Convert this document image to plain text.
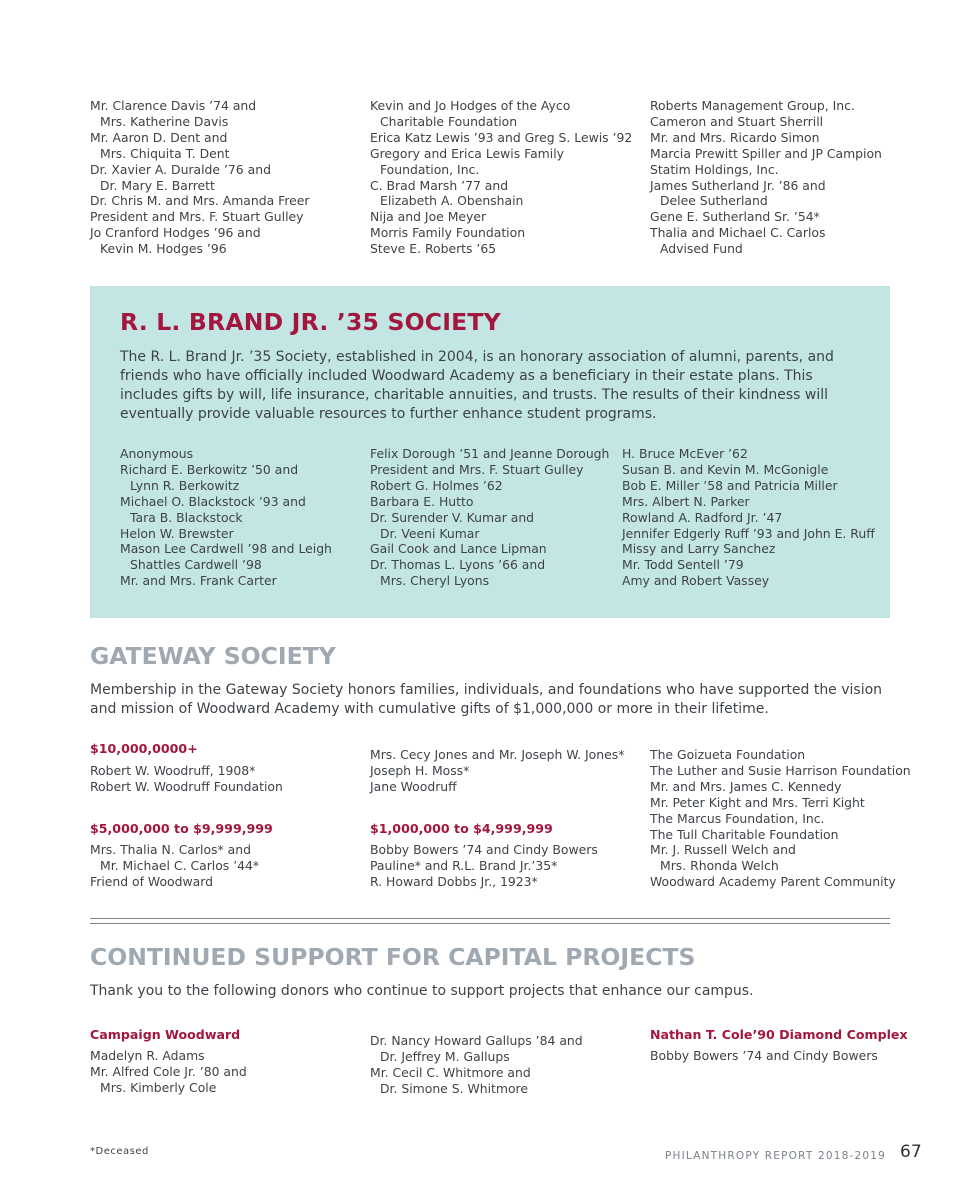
Mr. Clarence Davis ’74 and
Mrs. Katherine Davis
Mr. Aaron D. Dent and
Mrs. Chiquita T. Dent
Dr. Xavier A. Duralde ’76 and
Dr. Mary E. Barrett
Dr. Chris M. and Mrs. Amanda Freer
President and Mrs. F. Stuart Gulley
Jo Cranford Hodges ’96 and
Kevin M. Hodges ’96
Kevin and Jo Hodges of the Ayco
Charitable Foundation
Erica Katz Lewis ’93 and Greg S. Lewis ’92
Gregory and Erica Lewis Family
Foundation, Inc.
C. Brad Marsh ’77 and
Elizabeth A. Obenshain
Nija and Joe Meyer
Morris Family Foundation
Steve E. Roberts ’65
Roberts Management Group, Inc.
Cameron and Stuart Sherrill
Mr. and Mrs. Ricardo Simon
Marcia Prewitt Spiller and JP Campion
Statim Holdings, Inc.
James Sutherland Jr. ’86 and
Delee Sutherland
Gene E. Sutherland Sr. ’54*
Thalia and Michael C. Carlos
Advised Fund
R. L. BRAND JR. ’35 SOCIETY

The R. L. Brand Jr. ’35 Society, established in 2004, is an honorary association of alumni, parents, and friends who have officially included Woodward Academy as a beneficiary in their estate plans. This includes gifts by will, life insurance, charitable annuities, and trusts. The results of their kindness will eventually provide valuable resources to further enhance student programs.

Anonymous
Richard E. Berkowitz ’50 and
Lynn R. Berkowitz
Michael O. Blackstock ’93 and
Tara B. Blackstock
Helon W. Brewster
Mason Lee Cardwell ’98 and Leigh
Shattles Cardwell ’98
Mr. and Mrs. Frank Carter
Felix Dorough ’51 and Jeanne Dorough
President and Mrs. F. Stuart Gulley
Robert G. Holmes ’62
Barbara E. Hutto
Dr. Surender V. Kumar and
Dr. Veeni Kumar
Gail Cook and Lance Lipman
Dr. Thomas L. Lyons ’66 and
Mrs. Cheryl Lyons
H. Bruce McEver ’62
Susan B. and Kevin M. McGonigle
Bob E. Miller ’58 and Patricia Miller
Mrs. Albert N. Parker
Rowland A. Radford Jr. ’47
Jennifer Edgerly Ruff ’93 and John E. Ruff
Missy and Larry Sanchez
Mr. Todd Sentell ’79
Amy and Robert Vassey
GATEWAY SOCIETY

Membership in the Gateway Society honors families, individuals, and foundations who have supported the vision and mission of Woodward Academy with cumulative gifts of $1,000,000 or more in their lifetime.

$10,000,0000+
Robert W. Woodruff, 1908*
Robert W. Woodruff Foundation
$5,000,000 to $9,999,999
Mrs. Thalia N. Carlos* and
Mr. Michael C. Carlos ’44*
Friend of Woodward
Mrs. Cecy Jones and Mr. Joseph W. Jones*
Joseph H. Moss*
Jane Woodruff
$1,000,000 to $4,999,999
Bobby Bowers ’74 and Cindy Bowers
Pauline* and R.L. Brand Jr.’35*
R. Howard Dobbs Jr., 1923*
The Goizueta Foundation
The Luther and Susie Harrison Foundation
Mr. and Mrs. James C. Kennedy
Mr. Peter Kight and Mrs. Terri Kight
The Marcus Foundation, Inc.
The Tull Charitable Foundation
Mr. J. Russell Welch and
Mrs. Rhonda Welch
Woodward Academy Parent Community
CONTINUED SUPPORT FOR CAPITAL PROJECTS

Thank you to the following donors who continue to support projects that enhance our campus.

Campaign Woodward
Madelyn R. Adams
Mr. Alfred Cole Jr. ’80 and
Mrs. Kimberly Cole
Dr. Nancy Howard Gallups ’84 and
Dr. Jeffrey M. Gallups
Mr. Cecil C. Whitmore and
Dr. Simone S. Whitmore
Nathan T. Cole’90 Diamond Complex
Bobby Bowers ’74 and Cindy Bowers
*Deceased	PHILANTHROPY REPORT 2018-2019 67
